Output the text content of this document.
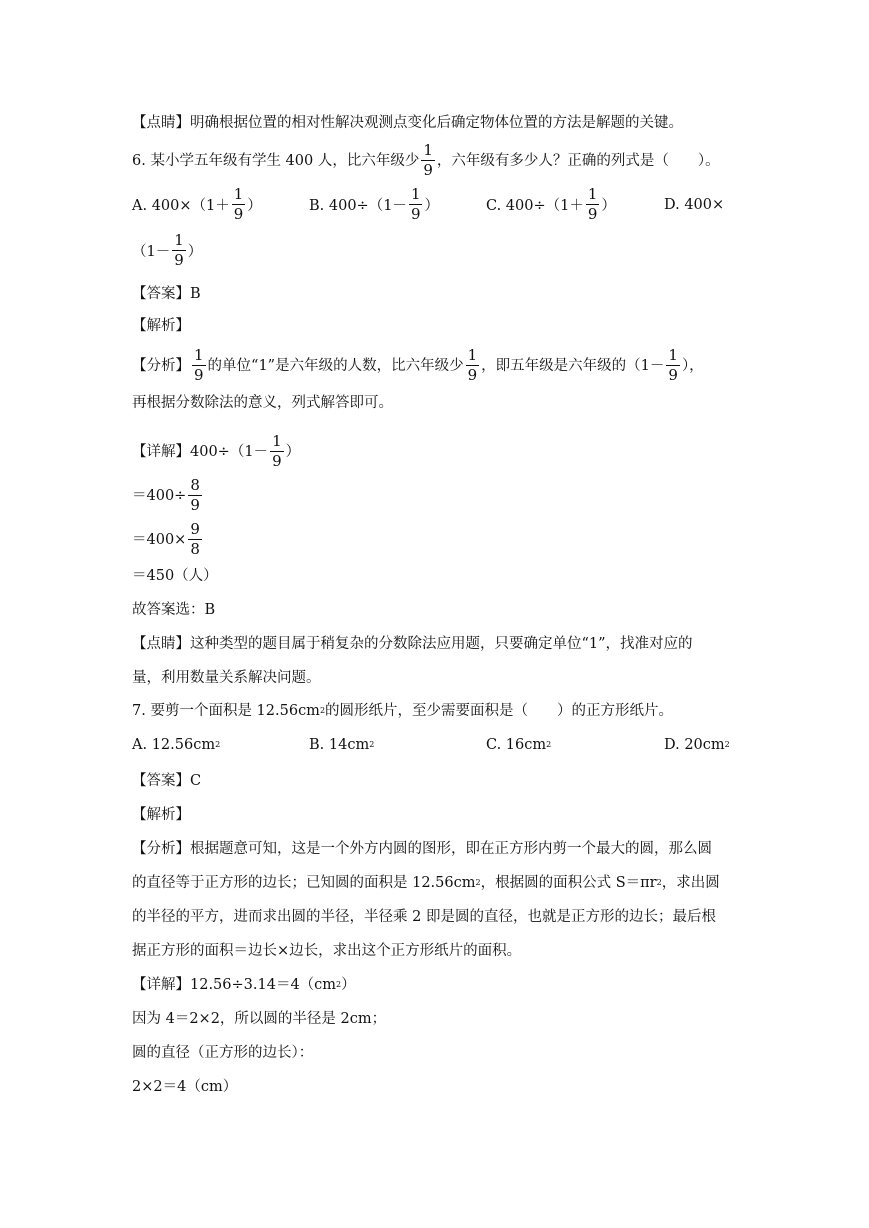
【点睛】明确根据位置的相对性解决观测点变化后确定物体位置的方法是解题的关键。
6. 某小学五年级有学生 400 人，比六年级少 $\frac{1}{9}$ ，六年级有多少人？正确的列式是（　　）。
A. $400\times(1+ \frac{1}{9}$ ）	B. $400\div(1- \frac{1}{9}$ ）	C. $400\div(1+ \frac{1}{9}$ ）	D. 400×
（$1- \frac{1}{9}$ ）
【答案】B
【解析】
【分析】 $\frac{1}{9}$ 的单位“1”是六年级的人数，比六年级少 $\frac{1}{9}$ ，即五年级是六年级的（$1- \frac{1}{9}$ ），
再根据分数除法的意义，列式解答即可。
【详解】$400\div(1- \frac{1}{9}$ ）
$=400\div \frac{8}{9}$
$=400\times \frac{9}{8}$
＝450（人）
故答案选：B
【点睛】这种类型的题目属于稍复杂的分数除法应用题，只要确定单位“1”，找准对应的
量，利用数量关系解决问题。
7. 要剪一个面积是 12.56cm 2 的圆形纸片，至少需要面积是（　　）的正方形纸片。
A. 12.56cm 2	B. 14cm 2	C. 16cm 2	D. 20cm 2
【答案】C
【解析】
【分析】根据题意可知，这是一个外方内圆的图形，即在正方形内剪一个最大的圆，那么圆
的直径等于正方形的边长；已知圆的面积是 12.56cm 2 ，根据圆的面积公式 S＝πr 2 ，求出圆
的半径的平方，进而求出圆的半径，半径乘 2 即是圆的直径，也就是正方形的边长；最后根
据正方形的面积＝边长×边长，求出这个正方形纸片的面积。
【详解】12.56÷3.14＝4（cm 2 ）
因为 4＝2×2，所以圆的半径是 2cm；
圆的直径（正方形的边长）：
2×2＝4（cm）
